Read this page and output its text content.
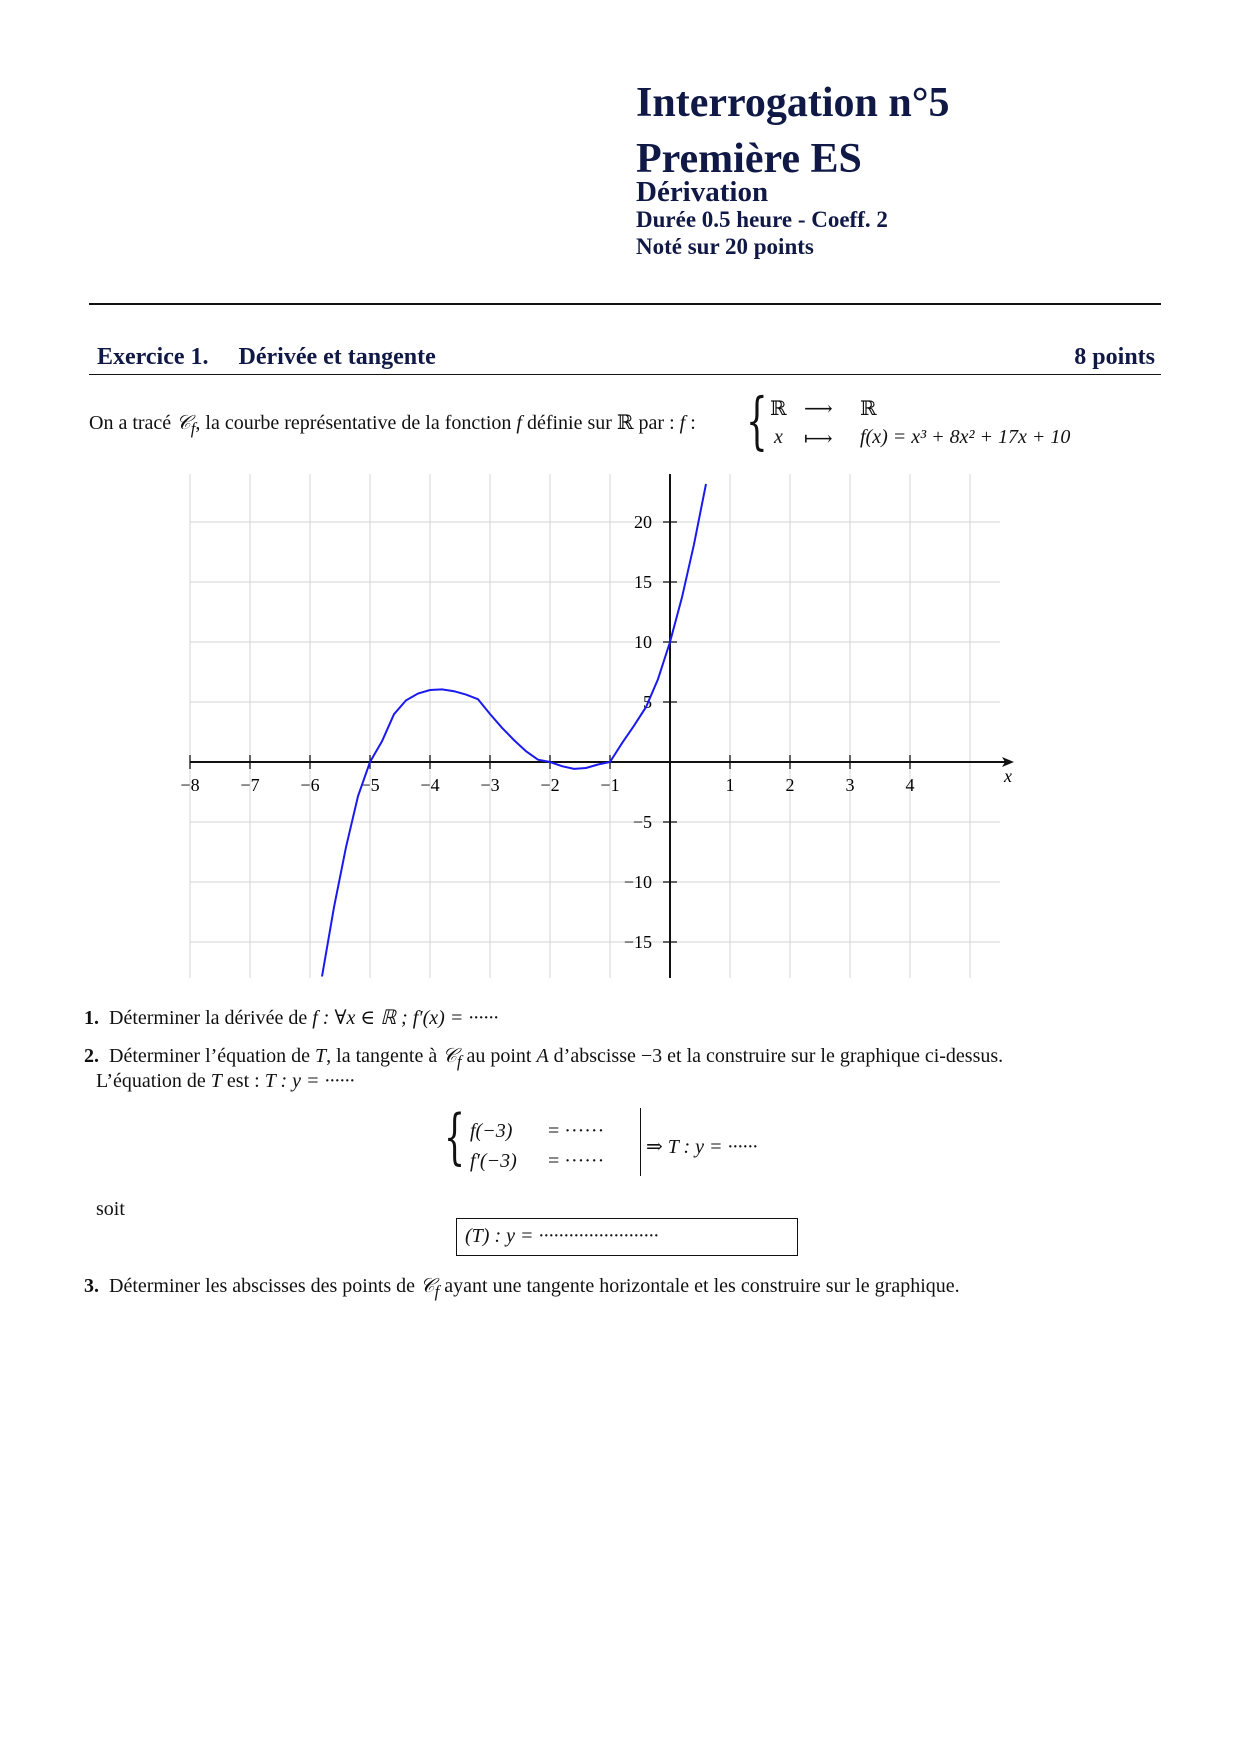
Interrogation n°5
Première ES
Dérivation
Durée 0.5 heure - Coeff. 2
Noté sur 20 points
Exercice 1. Dérivée et tangente	8 points
On a tracé 𝒞$_f$, la courbe représentative de la fonction f définie sur ℝ par : f : { ℝ ⟶ ℝ
x ⟼ f(x) = x³ + 8x² + 17x + 10
x
−8 −7 −6 −5 −4 −3 −2 −1	1	2	3	4
20
15
10
5
−5
−10
−15
1. Déterminer la dérivée de f : ∀x ∈ ℝ ; f′(x) = ······
2. Déterminer l’équation de T, la tangente à 𝒞$_f$ au point A d’abscisse −3 et la construire sur le graphique ci-dessus.
L’équation de T est : T : y = ······
{ f(−3) = ······
f′(−3) = ······
⇒ T : y = ······
soit
(T) : y = ························
3. Déterminer les abscisses des points de 𝒞$_f$ ayant une tangente horizontale et les construire sur le graphique.
